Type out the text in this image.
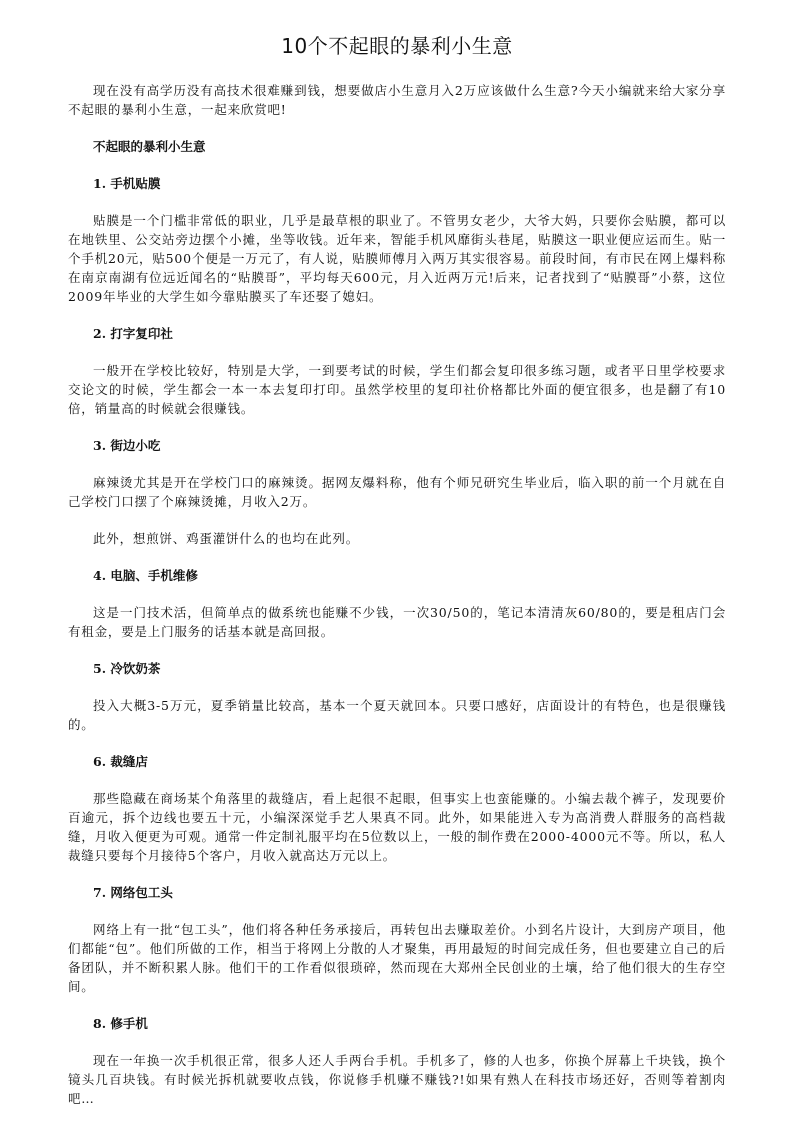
10个不起眼的暴利小生意

现在没有高学历没有高技术很难赚到钱，想要做店小生意月入2万应该做什么生意?今天小编就来给大家分享不起眼的暴利小生意，一起来欣赏吧!

不起眼的暴利小生意

1. 手机贴膜

贴膜是一个门槛非常低的职业，几乎是最草根的职业了。不管男女老少，大爷大妈，只要你会贴膜，都可以在地铁里、公交站旁边摆个小摊，坐等收钱。近年来，智能手机风靡街头巷尾，贴膜这一职业便应运而生。贴一个手机20元，贴500个便是一万元了，有人说，贴膜师傅月入两万其实很容易。前段时间，有市民在网上爆料称在南京南湖有位远近闻名的“贴膜哥”，平均每天600元，月入近两万元!后来，记者找到了“贴膜哥”小蔡，这位2009年毕业的大学生如今靠贴膜买了车还娶了媳妇。

2. 打字复印社

一般开在学校比较好，特别是大学，一到要考试的时候，学生们都会复印很多练习题，或者平日里学校要求交论文的时候，学生都会一本一本去复印打印。虽然学校里的复印社价格都比外面的便宜很多，也是翻了有10倍，销量高的时候就会很赚钱。

3. 街边小吃

麻辣烫尤其是开在学校门口的麻辣烫。据网友爆料称，他有个师兄研究生毕业后，临入职的前一个月就在自己学校门口摆了个麻辣烫摊，月收入2万。

此外，想煎饼、鸡蛋灌饼什么的也均在此列。

4. 电脑、手机维修

这是一门技术活，但简单点的做系统也能赚不少钱，一次30/50的，笔记本清清灰60/80的，要是租店门会有租金，要是上门服务的话基本就是高回报。

5. 冷饮奶茶

投入大概3-5万元，夏季销量比较高，基本一个夏天就回本。只要口感好，店面设计的有特色，也是很赚钱的。

6. 裁缝店

那些隐藏在商场某个角落里的裁缝店，看上起很不起眼，但事实上也蛮能赚的。小编去裁个裤子，发现要价百逾元，拆个边线也要五十元，小编深深觉手艺人果真不同。此外，如果能进入专为高消费人群服务的高档裁缝，月收入便更为可观。通常一件定制礼服平均在5位数以上，一般的制作费在2000-4000元不等。所以，私人裁缝只要每个月接待5个客户，月收入就高达万元以上。

7. 网络包工头

网络上有一批“包工头”，他们将各种任务承接后，再转包出去赚取差价。小到名片设计，大到房产项目，他们都能“包”。他们所做的工作，相当于将网上分散的人才聚集，再用最短的时间完成任务，但也要建立自己的后备团队，并不断积累人脉。他们干的工作看似很琐碎，然而现在大郑州全民创业的土壤，给了他们很大的生存空间。

8. 修手机

现在一年换一次手机很正常，很多人还人手两台手机。手机多了，修的人也多，你换个屏幕上千块钱，换个镜头几百块钱。有时候光拆机就要收点钱，你说修手机赚不赚钱?!如果有熟人在科技市场还好，否则等着割肉吧…
